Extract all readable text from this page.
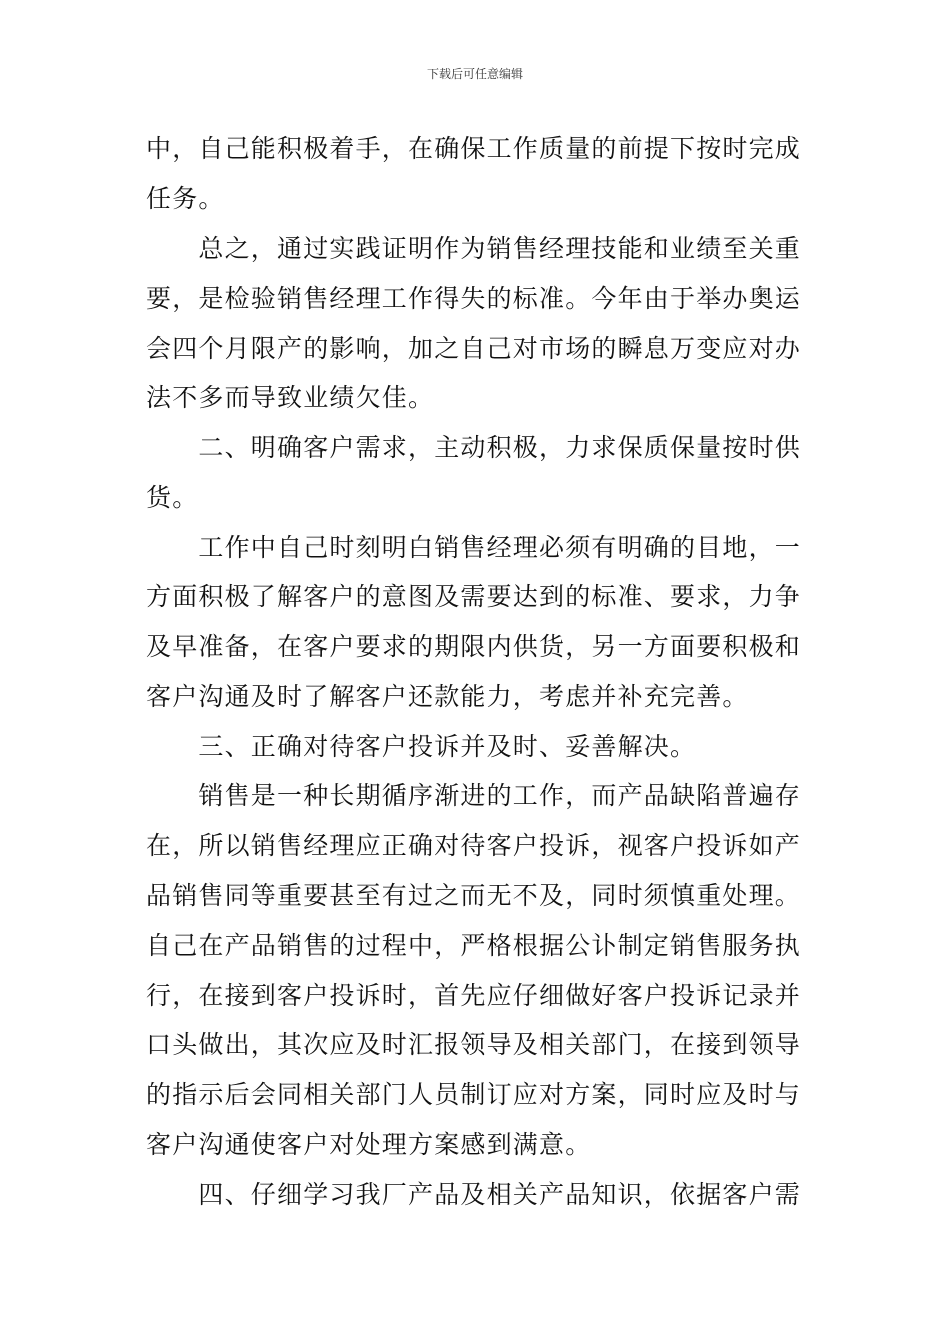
下载后可任意编辑
中，自己能积极着手，在确保工作质量的前提下按时完成
任务。
　　总之，通过实践证明作为销售经理技能和业绩至关重
要，是检验销售经理工作得失的标准。今年由于举办奥运
会四个月限产的影响，加之自己对市场的瞬息万变应对办
法不多而导致业绩欠佳。
　　二、明确客户需求，主动积极，力求保质保量按时供
货。
　　工作中自己时刻明白销售经理必须有明确的目地，一
方面积极了解客户的意图及需要达到的标准、要求，力争
及早准备，在客户要求的期限内供货，另一方面要积极和
客户沟通及时了解客户还款能力，考虑并补充完善。
　　三、正确对待客户投诉并及时、妥善解决。
　　销售是一种长期循序渐进的工作，而产品缺陷普遍存
在，所以销售经理应正确对待客户投诉，视客户投诉如产
品销售同等重要甚至有过之而无不及，同时须慎重处理。
自己在产品销售的过程中，严格根据公讣制定销售服务执
行，在接到客户投诉时，首先应仔细做好客户投诉记录并
口头做出，其次应及时汇报领导及相关部门，在接到领导
的指示后会同相关部门人员制订应对方案，同时应及时与
客户沟通使客户对处理方案感到满意。
　　四、仔细学习我厂产品及相关产品知识，依据客户需
